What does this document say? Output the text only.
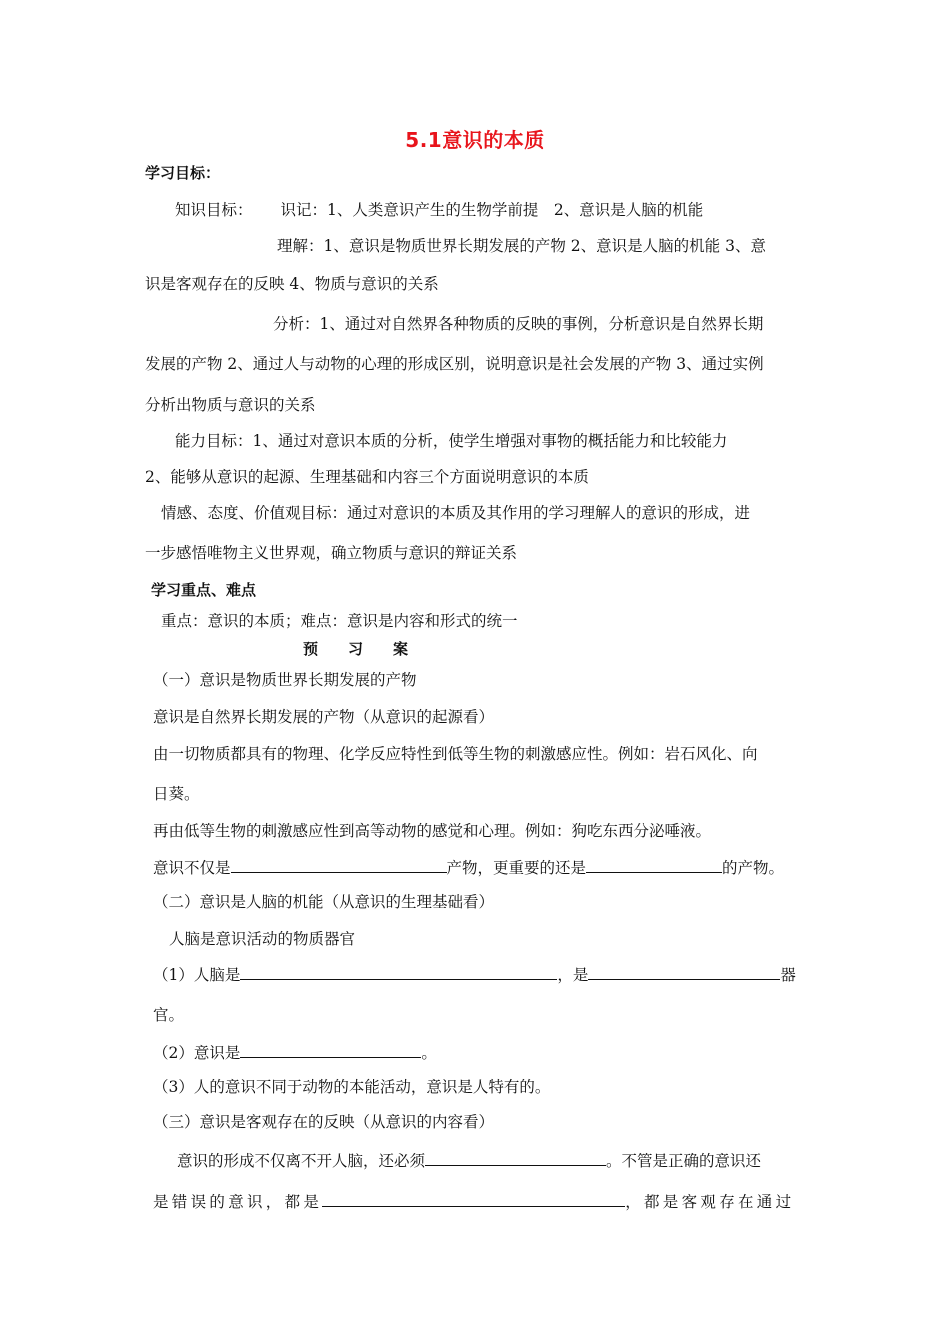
5.1意识的本质
学习目标：
知识目标： 识记：1、人类意识产生的生物学前提　2、意识是人脑的机能
理解：1、意识是物质世界长期发展的产物 2、意识是人脑的机能 3、意
识是客观存在的反映 4、物质与意识的关系
分析：1、通过对自然界各种物质的反映的事例，分析意识是自然界长期
发展的产物 2、通过人与动物的心理的形成区别，说明意识是社会发展的产物 3、通过实例
分析出物质与意识的关系
能力目标：1、通过对意识本质的分析，使学生增强对事物的概括能力和比较能力
2、能够从意识的起源、生理基础和内容三个方面说明意识的本质
情感、态度、价值观目标：通过对意识的本质及其作用的学习理解人的意识的形成，进
一步感悟唯物主义世界观，确立物质与意识的辩证关系
学习重点、难点
重点：意识的本质；难点：意识是内容和形式的统一
预　　习　　案
（一）意识是物质世界长期发展的产物
意识是自然界长期发展的产物（从意识的起源看）
由一切物质都具有的物理、化学反应特性到低等生物的刺激感应性。例如：岩石风化、向
日葵。
再由低等生物的刺激感应性到高等动物的感觉和心理。例如：狗吃东西分泌唾液。
意识不仅是	产物，更重要的还是	的产物。
（二）意识是人脑的机能（从意识的生理基础看）
人脑是意识活动的物质器官
（1）人脑是	，是	器
官。
（2）意识是	。
（3）人的意识不同于动物的本能活动，意识是人特有的。
（三）意识是客观存在的反映（从意识的内容看）
意识的形成不仅离不开人脑，还必须	。不管是正确的意识还
是错误的意识，都是	，都是客观存在通过
